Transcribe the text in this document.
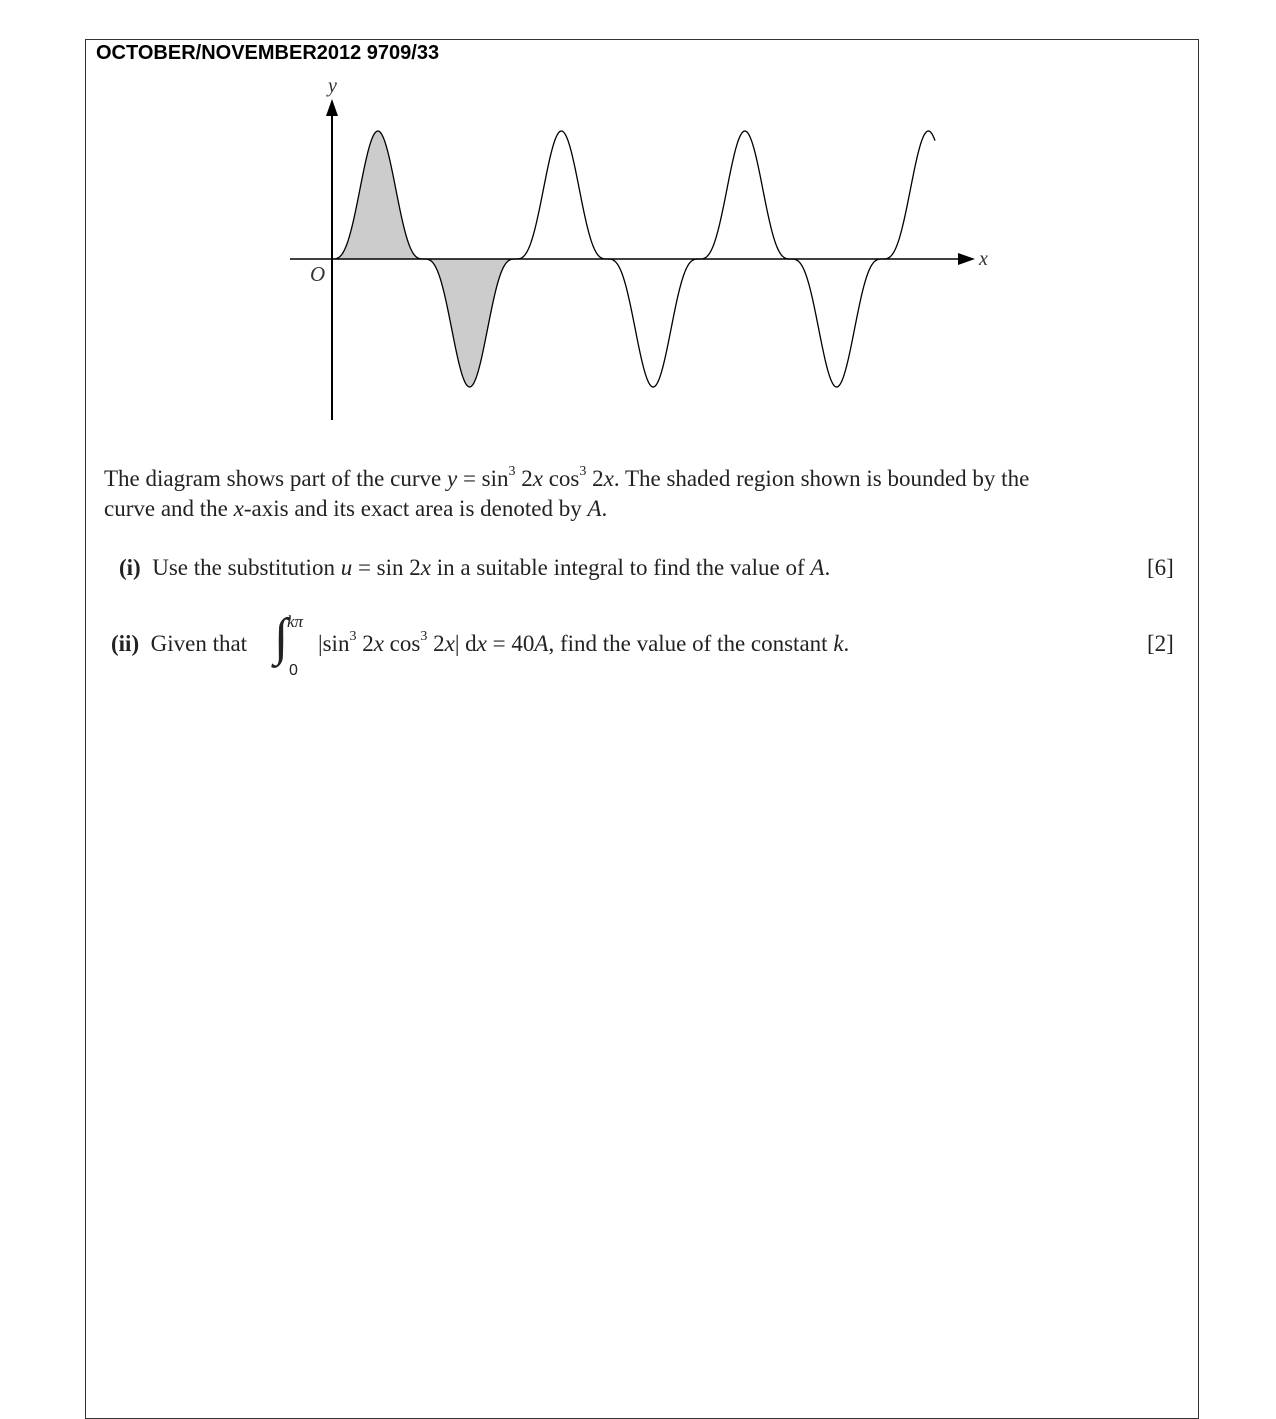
OCTOBER/NOVEMBER2012 9709/33
y
x
O
The diagram shows part of the curve $y = \sin^3 2x$ $\cos^3 2x$. The shaded region shown is bounded by the
curve and the x-axis and its exact area is denoted by A.
(i) Use the substitution u = sin 2x in a suitable integral to find the value of A.	[6]
(ii) Given that ∫
kπ
0
$|\sin^3$ 2x $\cos^3 2x|$ dx = 40A, find the value of the constant k.	[2]
